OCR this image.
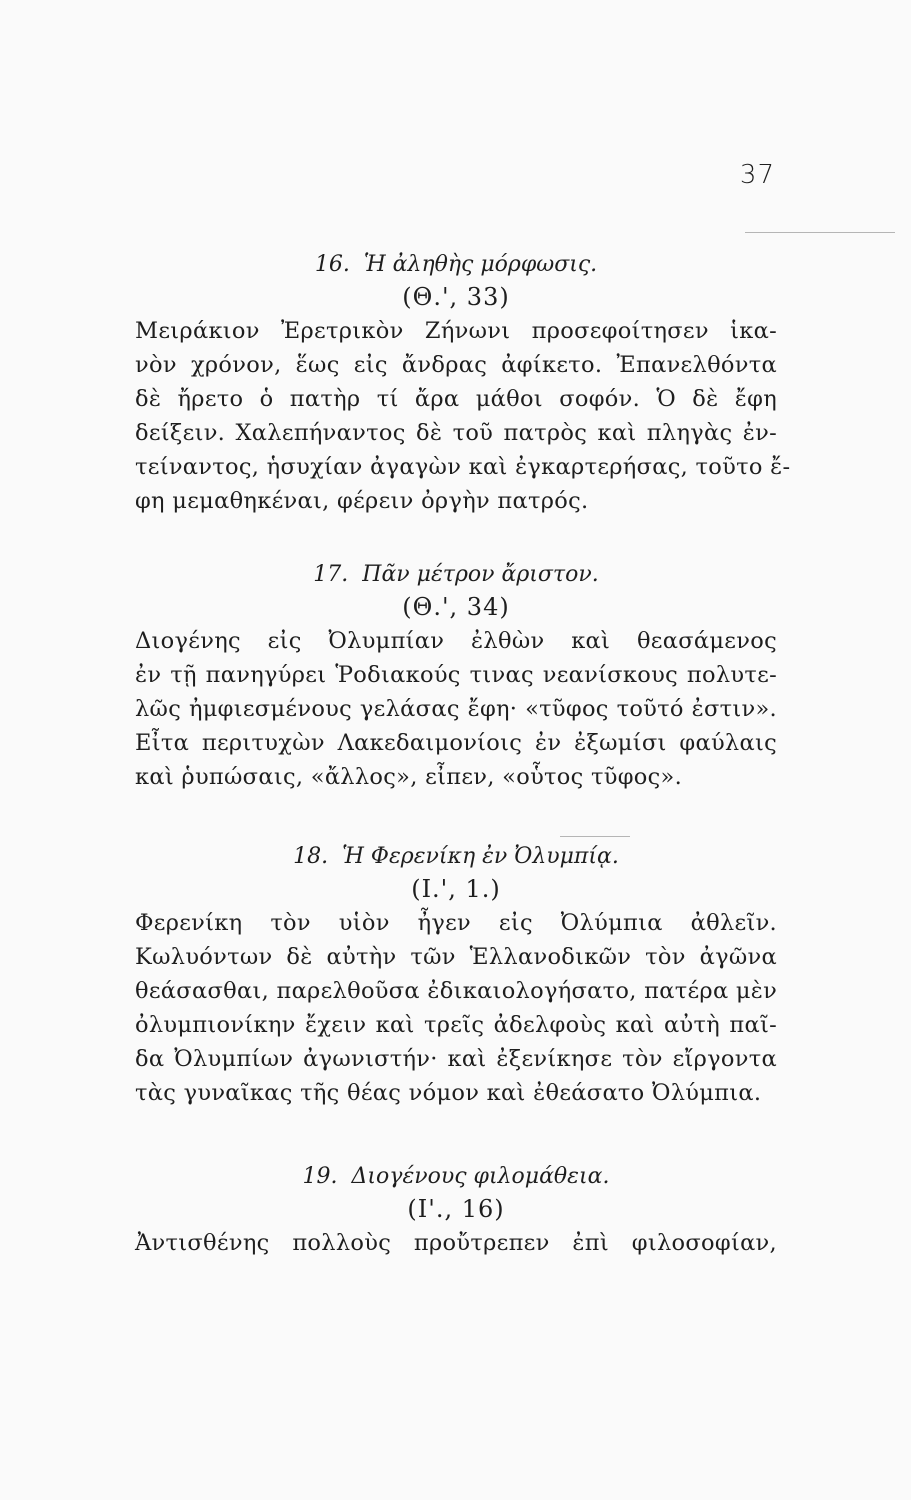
37
16. Ἡ ἀληθὴς μόρφωσις.
(Θ.', 33)
Μειράκιον Ἐρετρικὸν Ζήνωνι προσεφοίτησεν ἱκα-
νὸν χρόνον, ἕως εἰς ἄνδρας ἀφίκετο. Ἐπανελθόντα
δὲ ἤρετο ὁ πατὴρ τί ἄρα μάθοι σοφόν. Ὁ δὲ ἔφη
δείξειν. Χαλεπήναντος δὲ τοῦ πατρὸς καὶ πληγὰς ἐν-
τείναντος, ἡσυχίαν ἀγαγὼν καὶ ἐγκαρτερήσας, τοῦτο ἔ-
φη μεμαθηκέναι, φέρειν ὀργὴν πατρός.
17. Πᾶν μέτρον ἄριστον.
(Θ.', 34)
Διογένης εἰς Ὀλυμπίαν ἐλθὼν καὶ θεασάμενος
ἐν τῇ πανηγύρει Ῥοδιακούς τινας νεανίσκους πολυτε-
λῶς ἠμφιεσμένους γελάσας ἔφη· «τῦφος τοῦτό ἐστιν».
Εἶτα περιτυχὼν Λακεδαιμονίοις ἐν ἐξωμίσι φαύλαις
καὶ ῥυπώσαις, «ἄλλος», εἶπεν, «οὗτος τῦφος».
18. Ἡ Φερενίκη ἐν Ὀλυμπίᾳ.
(Ι.', 1.)
Φερενίκη τὸν υἱὸν ἦγεν εἰς Ὀλύμπια ἀθλεῖν.
Κωλυόντων δὲ αὐτὴν τῶν Ἑλλανοδικῶν τὸν ἀγῶνα
θεάσασθαι, παρελθοῦσα ἐδικαιολογήσατο, πατέρα μὲν
ὀλυμπιονίκην ἔχειν καὶ τρεῖς ἀδελφοὺς καὶ αὐτὴ παῖ-
δα Ὀλυμπίων ἀγωνιστήν· καὶ ἐξενίκησε τὸν εἴργοντα
τὰς γυναῖκας τῆς θέας νόμον καὶ ἐθεάσατο Ὀλύμπια.
19. Διογένους φιλομάθεια.
(Ι'., 16)
Ἀντισθένης πολλοὺς προὔτρεπεν ἐπὶ φιλοσοφίαν,
